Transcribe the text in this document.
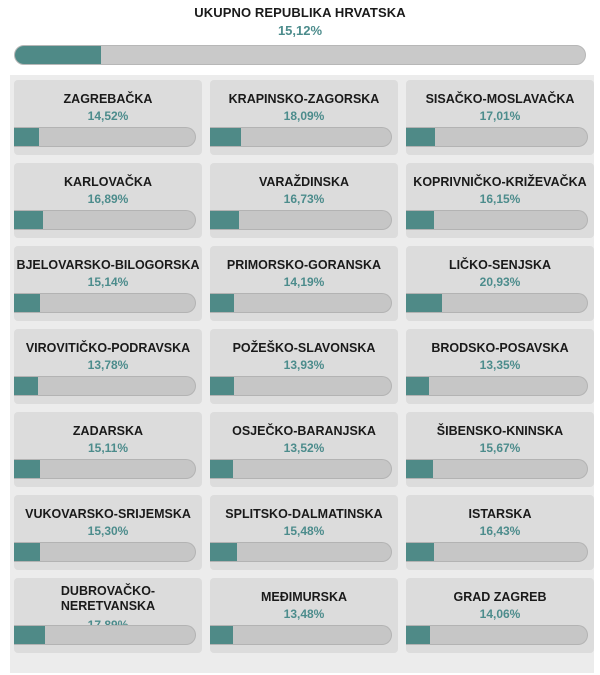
UKUPNO REPUBLIKA HRVATSKA
15,12%
ZAGREBAČKA
14,52%
KRAPINSKO-ZAGORSKA
18,09%
SISAČKO-MOSLAVAČKA
17,01%
KARLOVAČKA
16,89%
VARAŽDINSKA
16,73%
KOPRIVNIČKO-KRIŽEVAČKA
16,15%
BJELOVARSKO-BILOGORSKA
15,14%
PRIMORSKO-GORANSKA
14,19%
LIČKO-SENJSKA
20,93%
VIROVITIČKO-PODRAVSKA
13,78%
POŽEŠKO-SLAVONSKA
13,93%
BRODSKO-POSAVSKA
13,35%
ZADARSKA
15,11%
OSJEČKO-BARANJSKA
13,52%
ŠIBENSKO-KNINSKA
15,67%
VUKOVARSKO-SRIJEMSKA
15,30%
SPLITSKO-DALMATINSKA
15,48%
ISTARSKA
16,43%
DUBROVAČKO-
NERETVANSKA
MEĐIMURSKA
13,48%
GRAD ZAGREB
14,06%
